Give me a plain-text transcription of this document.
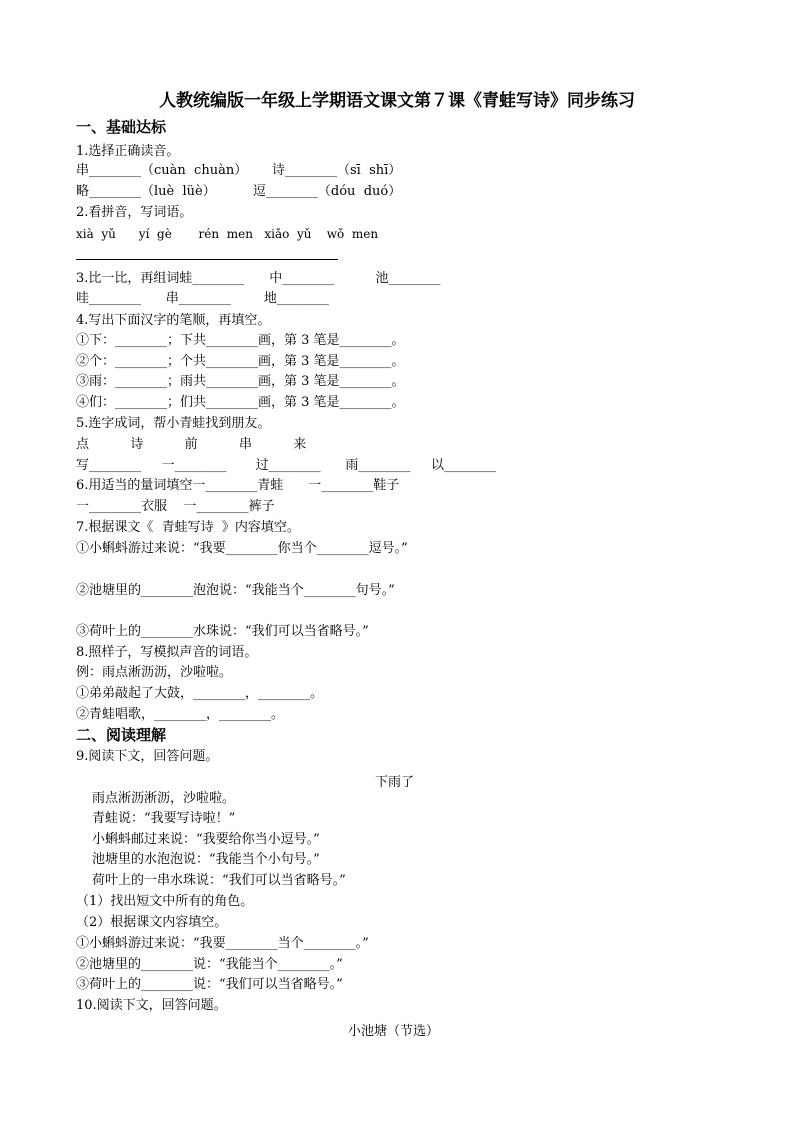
人教统编版一年级上学期语文课文第７课《青蛙写诗》同步练习
一、基础达标
1.选择正确读音。
串________（cuàn  chuàn）      诗________（sī  shī）
略________（luè  lüè）         逗________（dóu  duó）
2.看拼音，写词语。
xià  yǔ      yí  gè       rén  men   xiǎo  yǔ    wǒ  men
3.比一比，再组词蛙________      中________          池________
哇________      串________        地________
4.写出下面汉字的笔顺，再填空。
①下：________；下共________画，第 3 笔是________。
②个：________；个共________画，第 3 笔是________。
③雨：________；雨共________画，第 3 笔是________。
④们：________；们共________画，第 3 笔是________。
5.连字成词，帮小青蛙找到朋友。
点          诗          前          串          来
写________     一________       过________      雨________     以________
6.用适当的量词填空一________青蛙      一________鞋子
一________衣服    一________裤子
7.根据课文《  青蛙写诗  》内容填空。
①小蝌蚪游过来说：“我要________你当个________逗号。”
②池塘里的________泡泡说：“我能当个________句号。”
③荷叶上的________水珠说：“我们可以当省略号。”
8.照样子，写模拟声音的词语。
例：雨点淅沥沥，沙啦啦。
①弟弟敲起了大鼓，________，________。
②青蛙唱歌，________，________。
二、阅读理解
9.阅读下文，回答问题。
下雨了
雨点淅沥淅沥，沙啦啦。
青蛙说：“我要写诗啦！”
小蝌蚪邮过来说：“我要给你当小逗号。”
池塘里的水泡泡说：“我能当个小句号。”
荷叶上的一串水珠说：“我们可以当省略号。”
（1）找出短文中所有的角色。
（2）根据课文内容填空。
①小蝌蚪游过来说：“我要________当个________。”
②池塘里的________说：“我能当个________。”
③荷叶上的________说：“我们可以当省略号。”
10.阅读下文，回答问题。
小池塘（节选）
